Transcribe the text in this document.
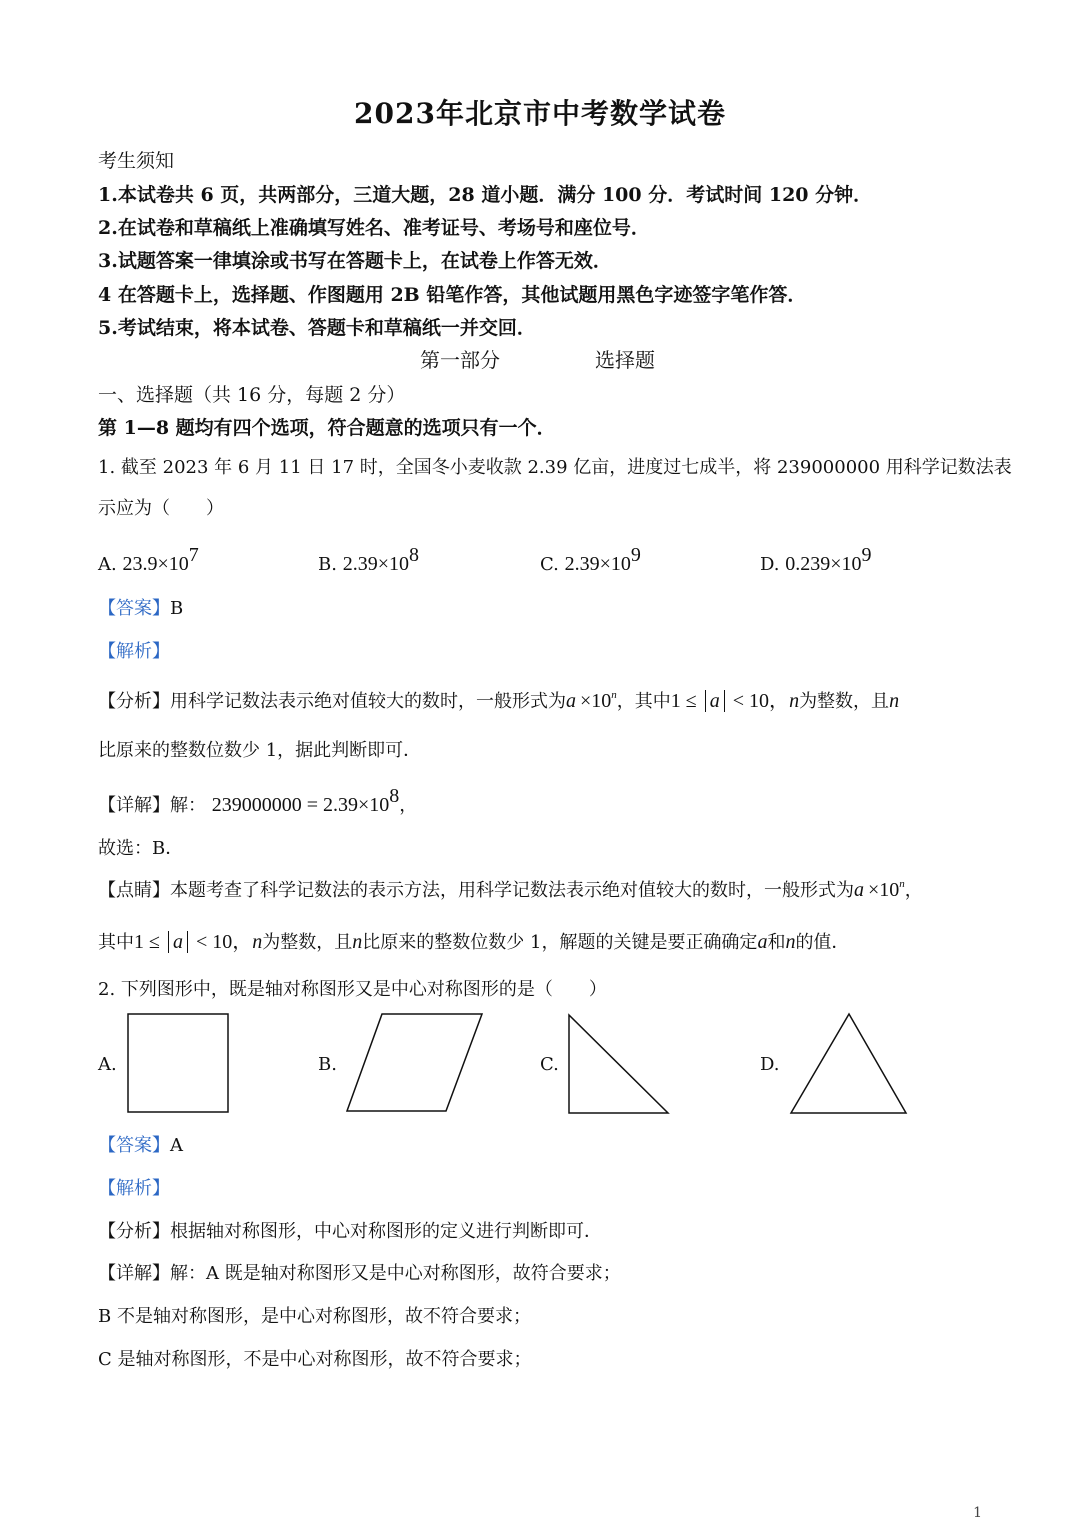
2023年北京市中考数学试卷
考生须知
1.本试卷共 6 页，共两部分，三道大题，28 道小题．满分 100 分．考试时间 120 分钟．
2.在试卷和草稿纸上准确填写姓名、准考证号、考场号和座位号．
3.试题答案一律填涂或书写在答题卡上，在试卷上作答无效．
4 在答题卡上，选择题、作图题用 2B 铅笔作答，其他试题用黑色字迹签字笔作答．
5.考试结束，将本试卷、答题卡和草稿纸一并交回．
第一部分	选择题
一、选择题（共 16 分，每题 2 分）
第 1—8 题均有四个选项，符合题意的选项只有一个．
1. 截至 2023 年 6 月 11 日 17 时，全国冬小麦收款 2.39 亿亩，进度过七成半，将 239000000 用科学记数法表
示应为（　　）
A. $23.9\times 10^7$	B. $2.39\times 10^8$	C. $2.39\times 10^9$	D. $0.239\times 10^9$
【答案】B
【解析】
【分析】用科学记数法表示绝对值较大的数时，一般形式为$a \times 10^n$，其中1 ≤ a < 10，n为整数，且n
比原来的整数位数少 1，据此判断即可．
【详解】解： $239000000 = 2.39\times 10^8$，
故选：B．
【点睛】本题考查了科学记数法的表示方法，用科学记数法表示绝对值较大的数时，一般形式为$a \times 10^n$，
其中1 ≤ a < 10，n为整数，且n比原来的整数位数少 1，解题的关键是要正确确定a和n的值．
2. 下列图形中，既是轴对称图形又是中心对称图形的是（　　）
A.	B.	C.	D.
【答案】A
【解析】
【分析】根据轴对称图形，中心对称图形的定义进行判断即可．
【详解】解：A 既是轴对称图形又是中心对称图形，故符合要求；
B 不是轴对称图形，是中心对称图形，故不符合要求；
C 是轴对称图形，不是中心对称图形，故不符合要求；
1
